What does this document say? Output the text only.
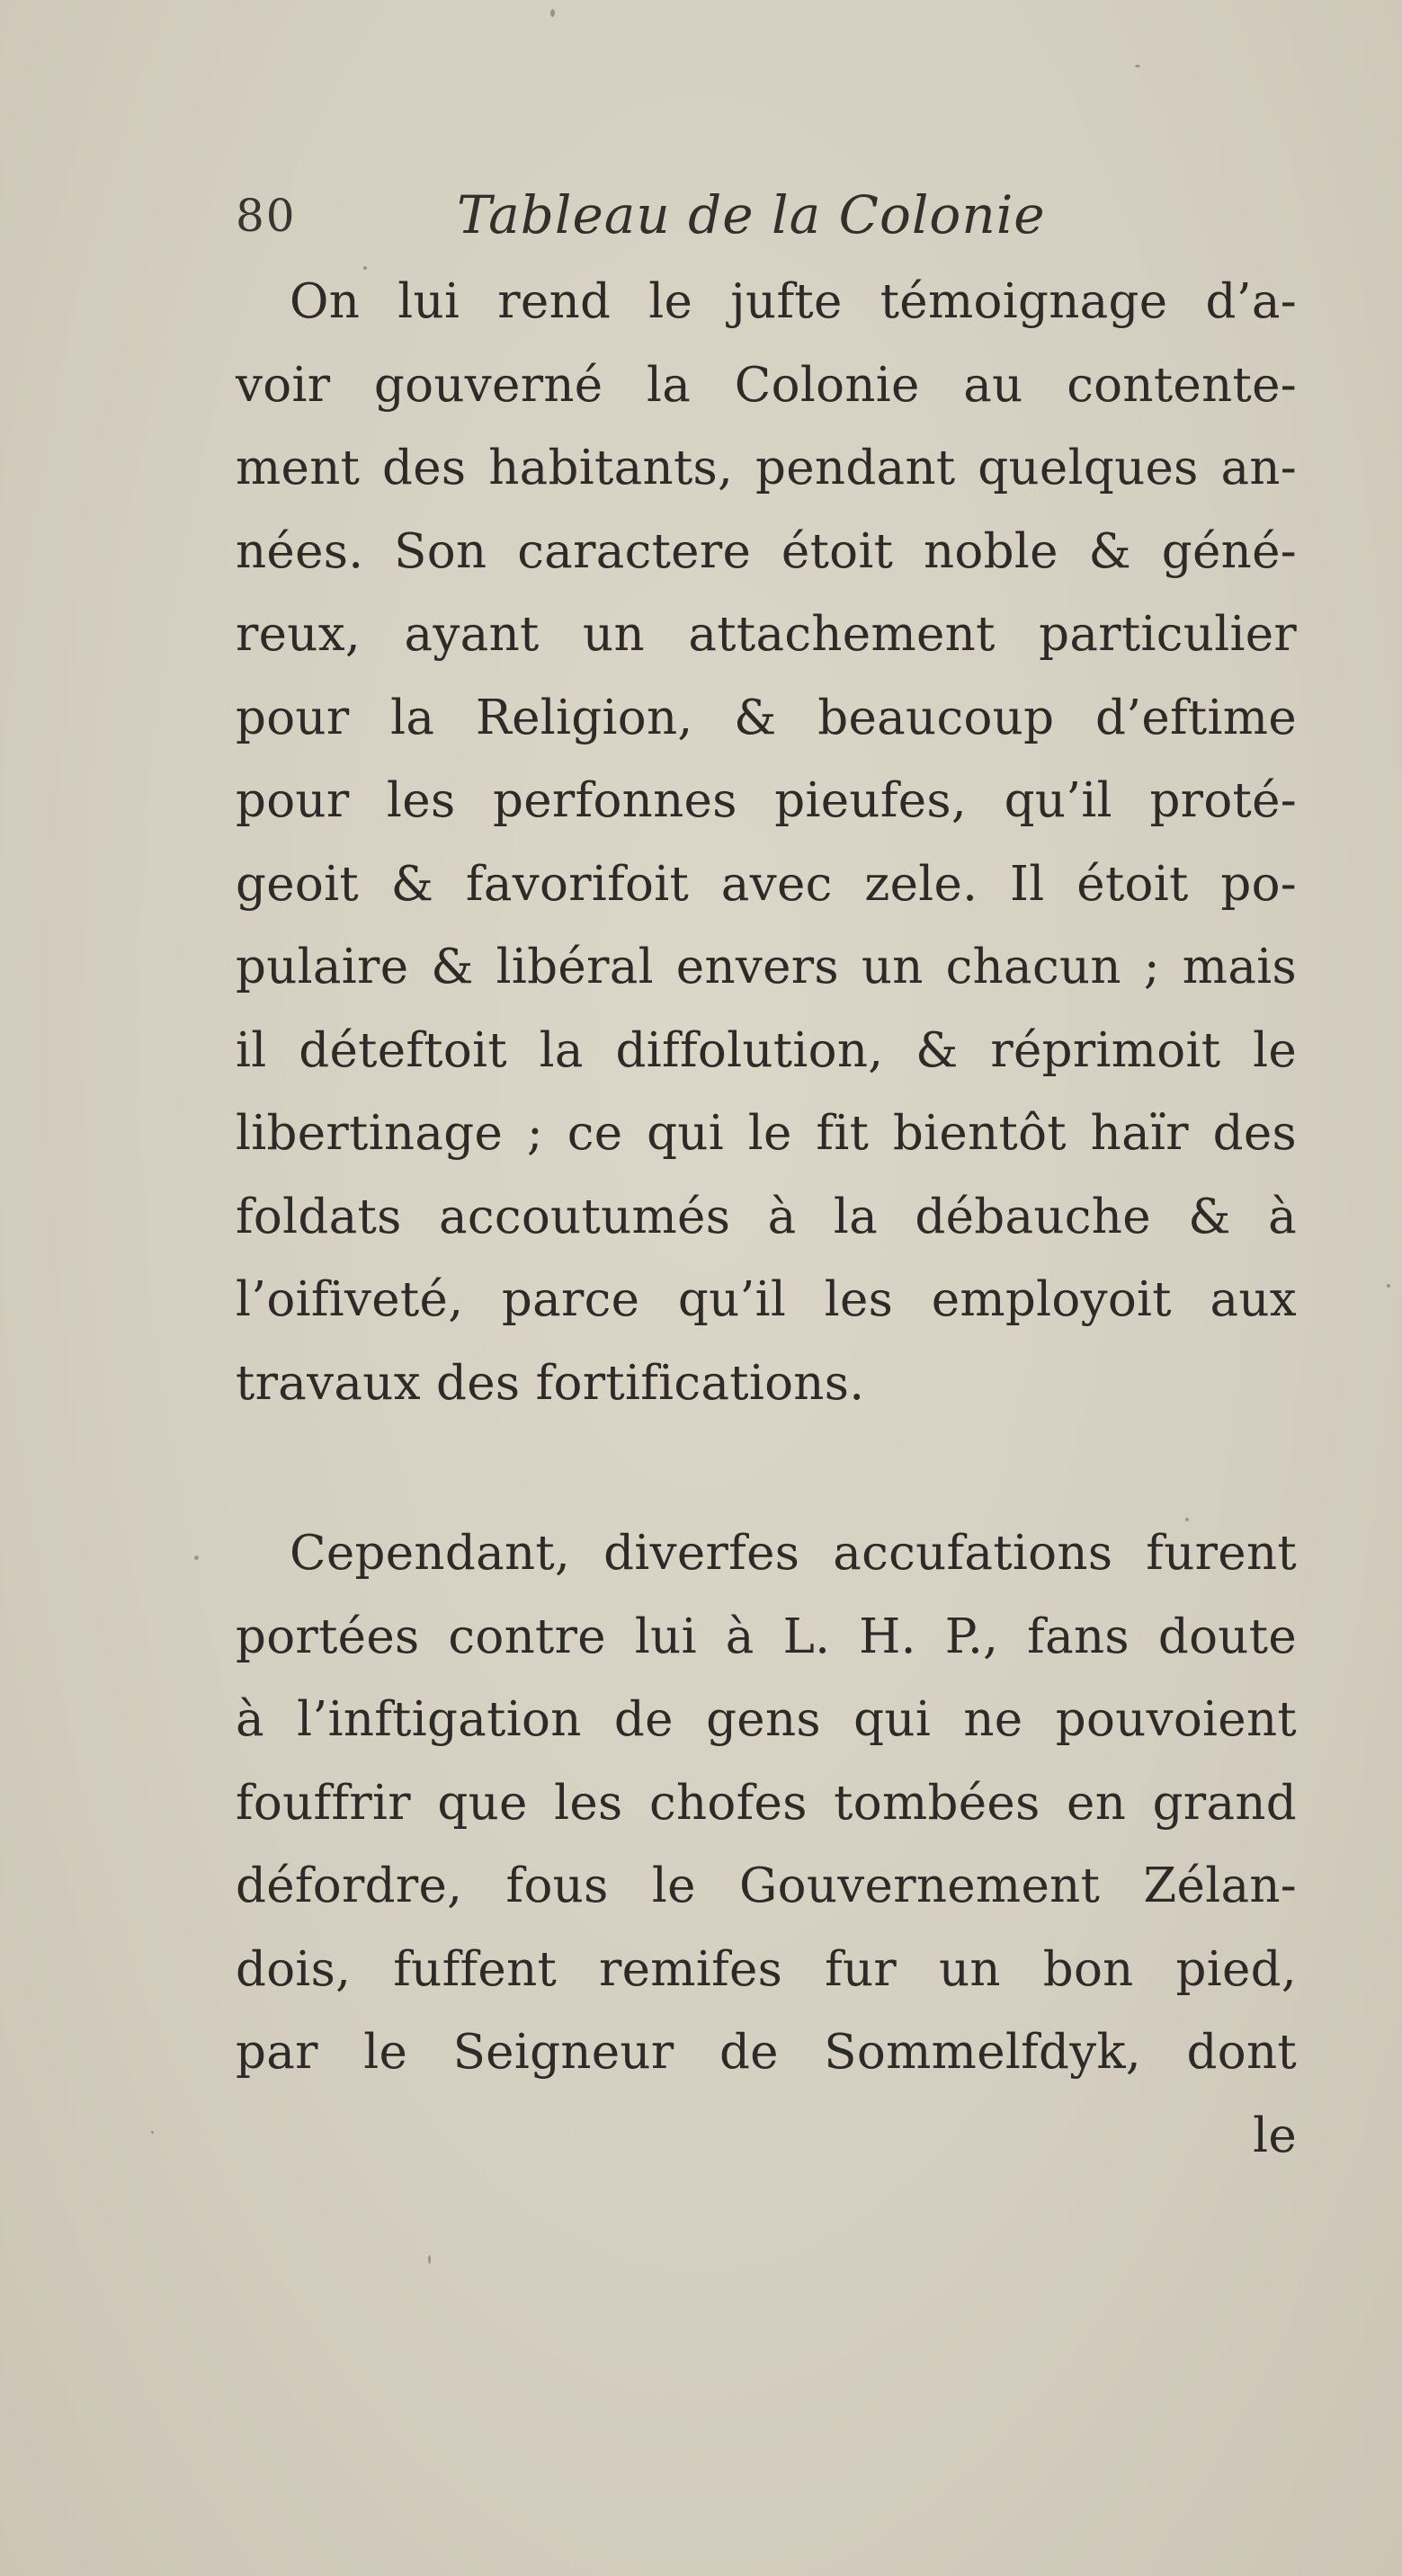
80	Tableau de la Colonie
On lui rend le jufte témoignage d’a-
voir gouverné la Colonie au contente-
ment des habitants, pendant quelques an-
nées. Son caractere étoit noble & géné-
reux, ayant un attachement particulier
pour la Religion, & beaucoup d’eftime
pour les perfonnes pieufes, qu’il proté-
geoit & favorifoit avec zele. Il étoit po-
pulaire & libéral envers un chacun ; mais
il déteftoit la diffolution, & réprimoit le
libertinage ; ce qui le fit bientôt haïr des
foldats accoutumés à la débauche & à
l’oifiveté, parce qu’il les employoit aux
travaux des fortifications.
Cependant, diverfes accufations furent
portées contre lui à L. H. P., fans doute
à l’inftigation de gens qui ne pouvoient
fouffrir que les chofes tombées en grand
défordre, fous le Gouvernement Zélan-
dois, fuffent remifes fur un bon pied,
par le Seigneur de Sommelfdyk, dont
le
